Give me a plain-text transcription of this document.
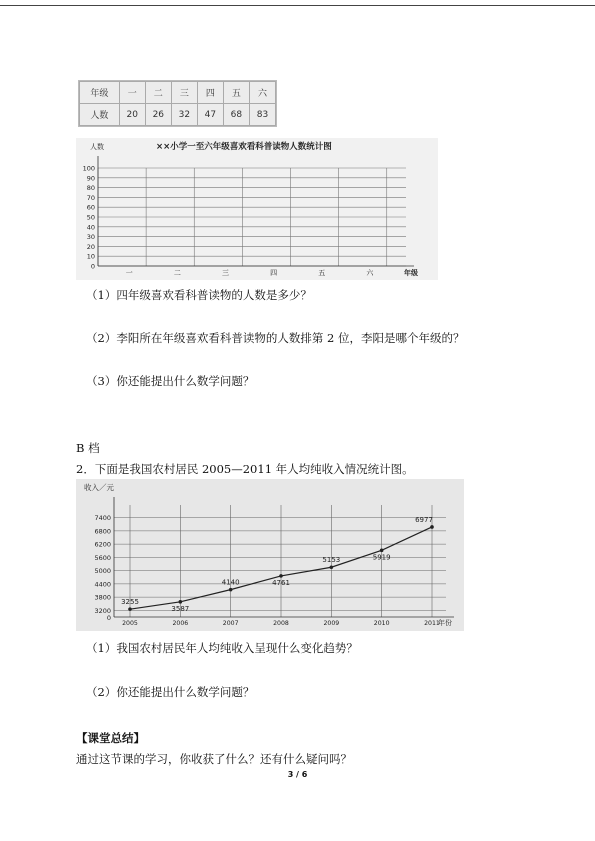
年级	一	二	三	四	五	六
人数	20	26	32	47	68	83
人数	××小学一至六年级喜欢看科普读物人数统计图
年级
0
10
20
30
40
50
60
70
80
90
100
一	二	三	四	五	六
（1）四年级喜欢看科普读物的人数是多少？
（2）李阳所在年级喜欢看科普读物的人数排第 2 位，李阳是哪个年级的？
（3）你还能提出什么数学问题？
B 档
2．下面是我国农村居民 2005—2011 年人均纯收入情况统计图。
收入／元
年份
3200
3800
4400
5000
5600
6200
6800
7400
0
2005	2006	2007	2008	2009	2010	2011
3255
3587
4140	4761
5153	5919
6977
（1）我国农村居民年人均纯收入呈现什么变化趋势？
（2）你还能提出什么数学问题？
【课堂总结】
通过这节课的学习，你收获了什么？还有什么疑问吗？
3 / 6
